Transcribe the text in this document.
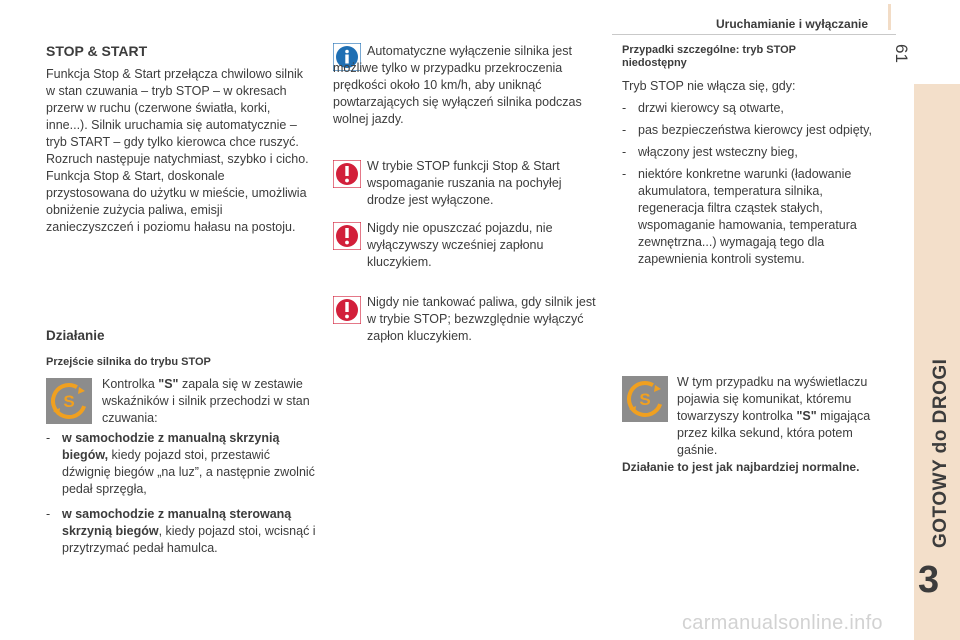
Uruchamianie i wyłączanie
61
GOTOWY do DROGI
3
STOP & START

Funkcja Stop & Start przełącza chwilowo silnik w stan czuwania – tryb STOP – w okresach przerw w ruchu (czerwone światła, korki, inne...). Silnik uruchamia się automatycznie – tryb START – gdy tylko kierowca chce ruszyć. Rozruch następuje natychmiast, szybko i cicho.

Funkcja Stop & Start, doskonale przystosowana do użytku w mieście, umożliwia obniżenie zużycia paliwa, emisji zanieczyszczeń i poziomu hałasu na postoju.

Działanie
Przejście silnika do trybu STOP
S
Kontrolka "S" zapala się w zestawie wskaźników i silnik przechodzi w stan czuwania:
- w samochodzie z manualną skrzynią biegów, kiedy pojazd stoi, przestawić dźwignię biegów „na luz”, a następnie zwolnić pedał sprzęgła,
- w samochodzie z manualną sterowaną skrzynią biegów, kiedy pojazd stoi, wcisnąć i przytrzymać pedał hamulca.
Automatyczne wyłączenie silnika jest możliwe tylko w przypadku przekroczenia prędkości około 10 km/h, aby uniknąć powtarzających się wyłączeń silnika podczas wolnej jazdy.
W trybie STOP funkcji Stop & Start wspomaganie ruszania na pochyłej drodze jest wyłączone.
Nigdy nie opuszczać pojazdu, nie wyłączywszy wcześniej zapłonu kluczykiem.
Nigdy nie tankować paliwa, gdy silnik jest w trybie STOP; bezwzględnie wyłączyć zapłon kluczykiem.
Przypadki szczególne: tryb STOP niedostępny

Tryb STOP nie włącza się, gdy:

- drzwi kierowcy są otwarte,
- pas bezpieczeństwa kierowcy jest odpięty,
- włączony jest wsteczny bieg,
- niektóre konkretne warunki (ładowanie akumulatora, temperatura silnika, regeneracja filtra cząstek stałych, wspomaganie hamowania, temperatura zewnętrzna...) wymagają tego dla zapewnienia kontroli systemu.
S
W tym przypadku na wyświetlaczu pojawia się komunikat, któremu towarzyszy kontrolka "S" migająca przez kilka sekund, która potem gaśnie.
Działanie to jest jak najbardziej normalne.
carmanualsonline.info
